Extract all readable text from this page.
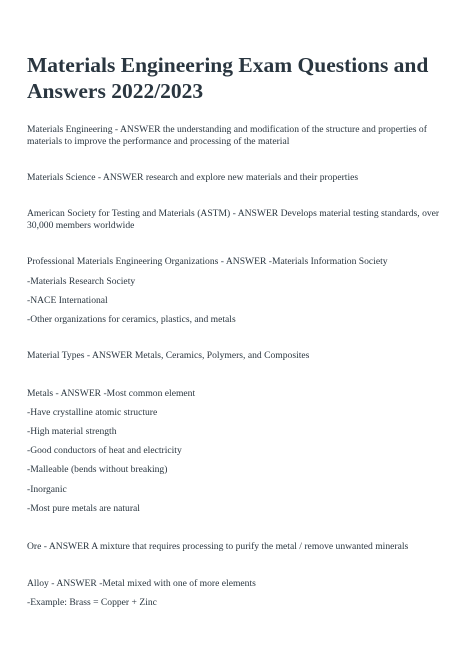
Materials Engineering Exam Questions and Answers 2022/2023

Materials Engineering - ANSWER the understanding and modification of the structure and properties of materials to improve the performance and processing of the material

Materials Science - ANSWER research and explore new materials and their properties

American Society for Testing and Materials (ASTM) - ANSWER Develops material testing standards, over 30,000 members worldwide

Professional Materials Engineering Organizations - ANSWER -Materials Information Society

-Materials Research Society

-NACE International

-Other organizations for ceramics, plastics, and metals

Material Types - ANSWER Metals, Ceramics, Polymers, and Composites

Metals - ANSWER -Most common element

-Have crystalline atomic structure

-High material strength

-Good conductors of heat and electricity

-Malleable (bends without breaking)

-Inorganic

-Most pure metals are natural

Ore - ANSWER A mixture that requires processing to purify the metal / remove unwanted minerals

Alloy - ANSWER -Metal mixed with one of more elements

-Example: Brass = Copper + Zinc
